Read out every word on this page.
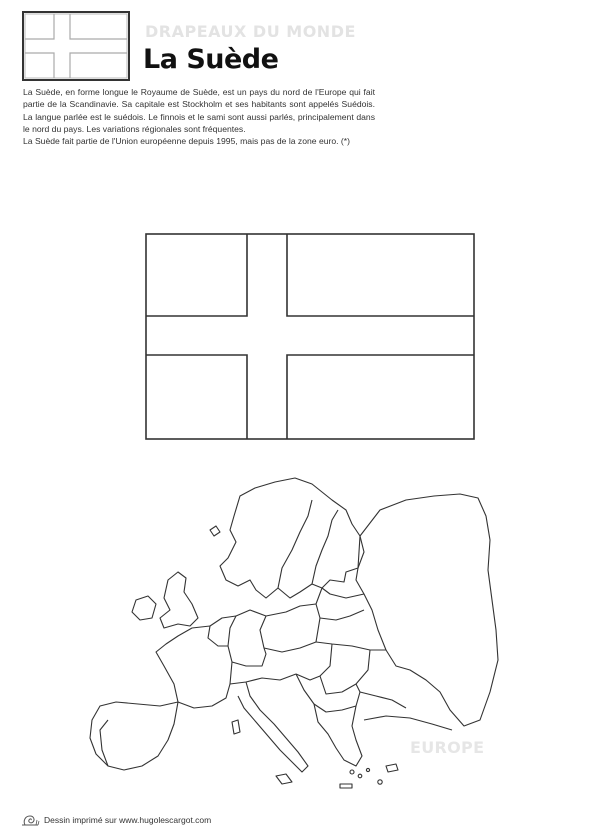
DRAPEAUX DU MONDE
La Suède

La Suède, en forme longue le Royaume de Suède, est un pays du nord de l'Europe qui fait partie de la Scandinavie. Sa capitale est Stockholm et ses habitants sont appelés Suédois. La langue parlée est le suédois. Le finnois et le sami sont aussi parlés, principalement dans le nord du pays. Les variations régionales sont fréquentes.

La Suède fait partie de l'Union européenne depuis 1995, mais pas de la zone euro. (*)

EUROPE
Dessin imprimé sur www.hugolescargot.com
